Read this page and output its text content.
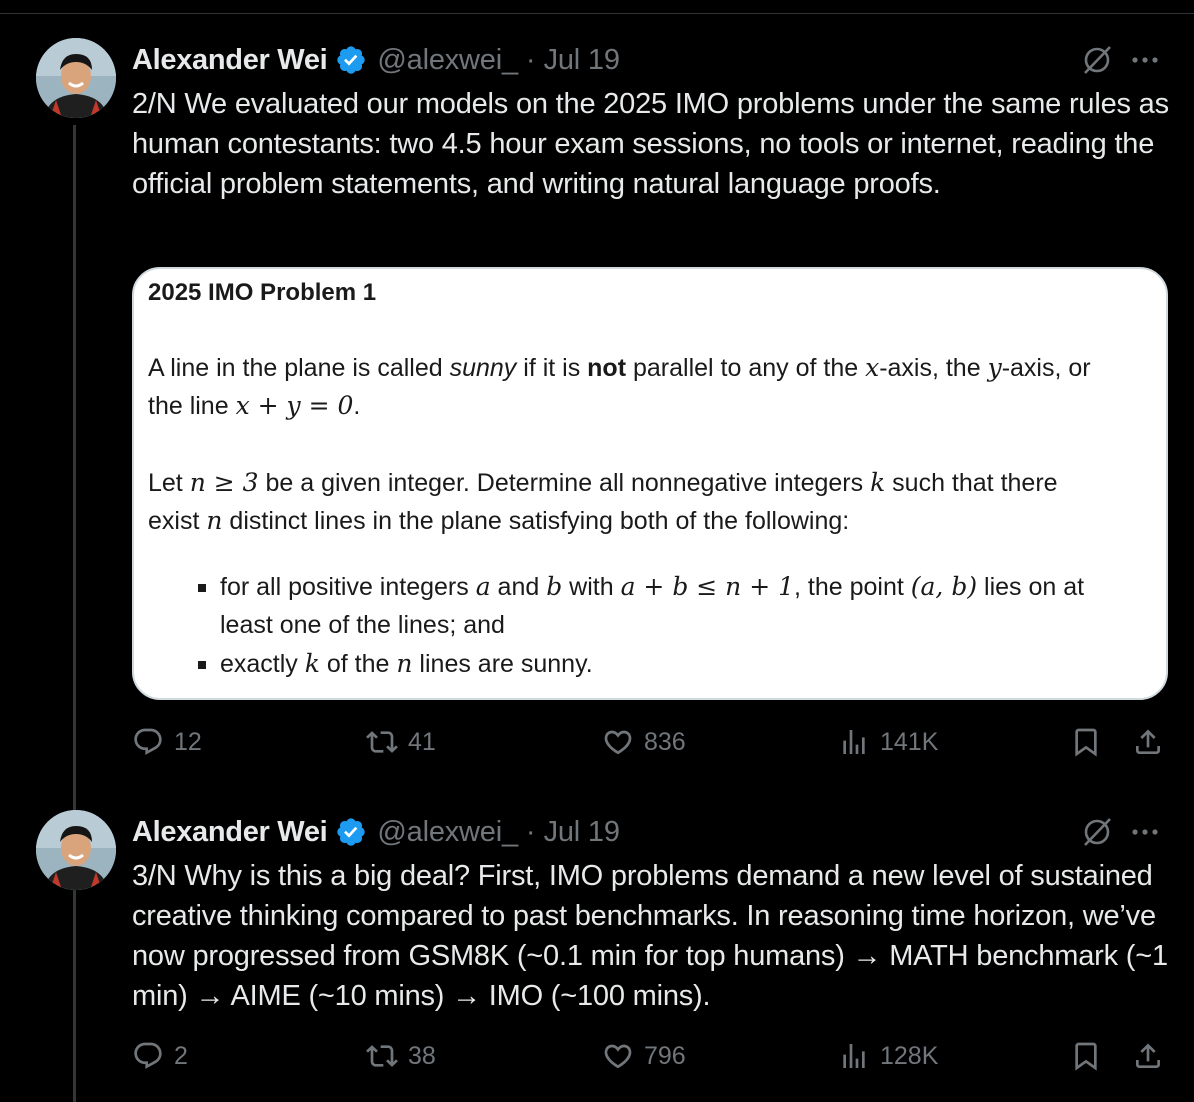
Alexander Wei @alexwei_ · Jul 19
2/N We evaluated our models on the 2025 IMO problems under the same rules as human contestants: two 4.5 hour exam sessions, no tools or internet, reading the official problem statements, and writing natural language proofs.
2025 IMO Problem 1
A line in the plane is called sunny if it is not parallel to any of the x-axis, the y-axis, or
the line x + y = 0.
Let n ≥ 3 be a given integer. Determine all nonnegative integers k such that there
exist n distinct lines in the plane satisfying both of the following:
for all positive integers a and b with a + b ≤ n + 1, the point (a, b) lies on at
least one of the lines; and
exactly k of the n lines are sunny.
12	41	836	141K
Alexander Wei @alexwei_ · Jul 19
3/N Why is this a big deal? First, IMO problems demand a new level of sustained creative thinking compared to past benchmarks. In reasoning time horizon, we’ve now progressed from GSM8K (~0.1 min for top humans) → MATH benchmark (~1 min) → AIME (~10 mins) → IMO (~100 mins).
2	38	796	128K
